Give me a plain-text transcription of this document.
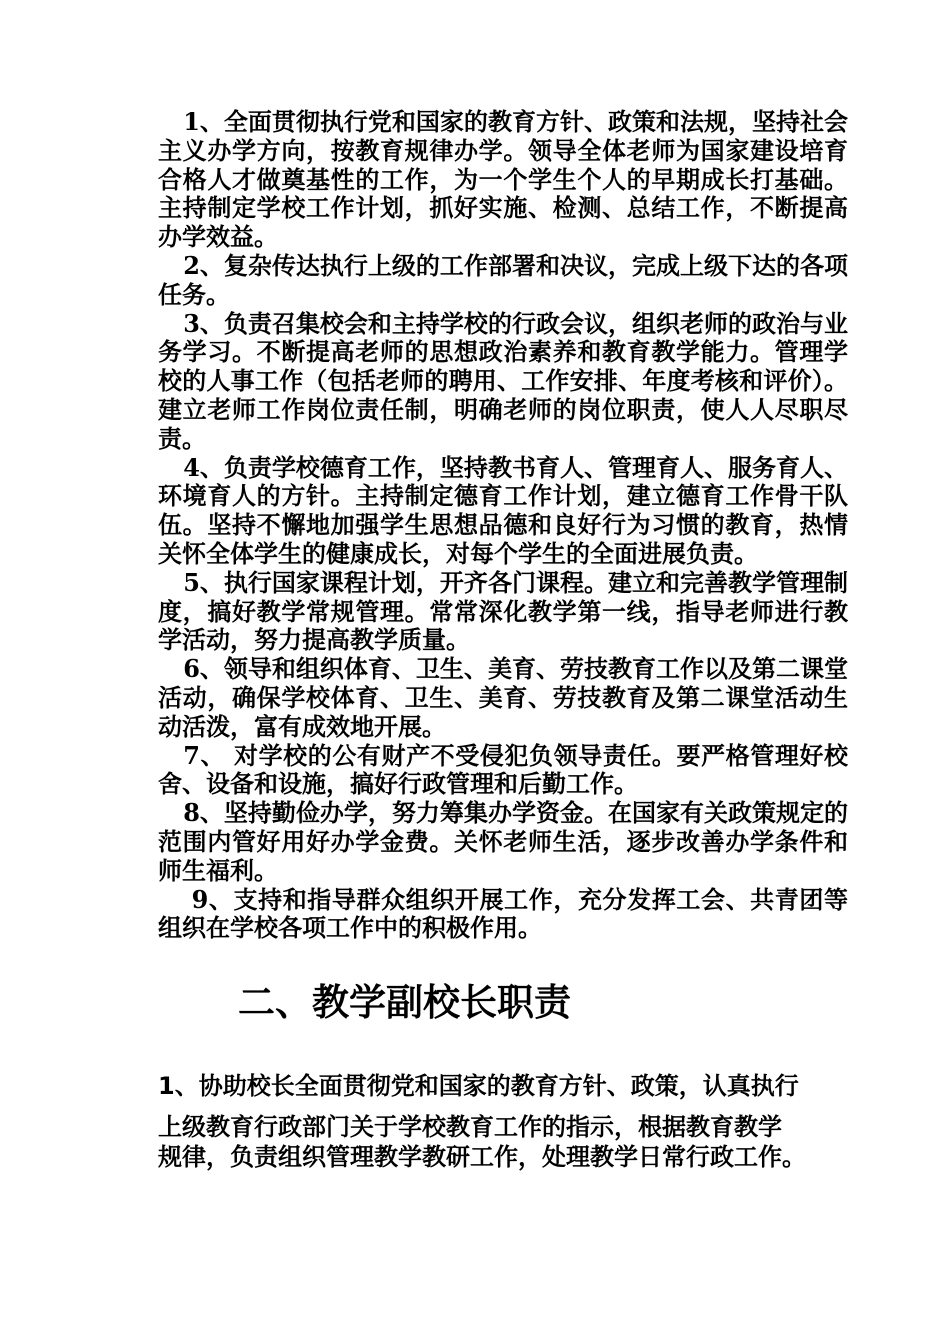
1、全面贯彻执行党和国家的教育方针、政策和法规，坚持社会主义办学方向，按教育规律办学。领导全体老师为国家建设培育合格人才做奠基性的工作，为一个学生个人的早期成长打基础。主持制定学校工作计划，抓好实施、检测、总结工作，不断提高办学效益。

2、复杂传达执行上级的工作部署和决议，完成上级下达的各项任务。

3、负责召集校会和主持学校的行政会议，组织老师的政治与业务学习。不断提高老师的思想政治素养和教育教学能力。管理学校的人事工作（包括老师的聘用、工作安排、年度考核和评价）。建立老师工作岗位责任制，明确老师的岗位职责，使人人尽职尽责。

4、负责学校德育工作，坚持教书育人、管理育人、服务育人、环境育人的方针。主持制定德育工作计划，建立德育工作骨干队伍。坚持不懈地加强学生思想品德和良好行为习惯的教育，热情关怀全体学生的健康成长，对每个学生的全面进展负责。

5、执行国家课程计划，开齐各门课程。建立和完善教学管理制度，搞好教学常规管理。常常深化教学第一线，指导老师进行教学活动，努力提高教学质量。

6、领导和组织体育、卫生、美育、劳技教育工作以及第二课堂活动，确保学校体育、卫生、美育、劳技教育及第二课堂活动生动活泼，富有成效地开展。

7、 对学校的公有财产不受侵犯负领导责任。要严格管理好校舍、设备和设施，搞好行政管理和后勤工作。

8、坚持勤俭办学，努力筹集办学资金。在国家有关政策规定的范围内管好用好办学金费。关怀老师生活，逐步改善办学条件和师生福利。

9、支持和指导群众组织开展工作，充分发挥工会、共青团等组织在学校各项工作中的积极作用。

二、教学副校长职责

1、协助校长全面贯彻党和国家的教育方针、政策，认真执行

上级教育行政部门关于学校教育工作的指示，根据教育教学

规律，负责组织管理教学教研工作，处理教学日常行政工作。
